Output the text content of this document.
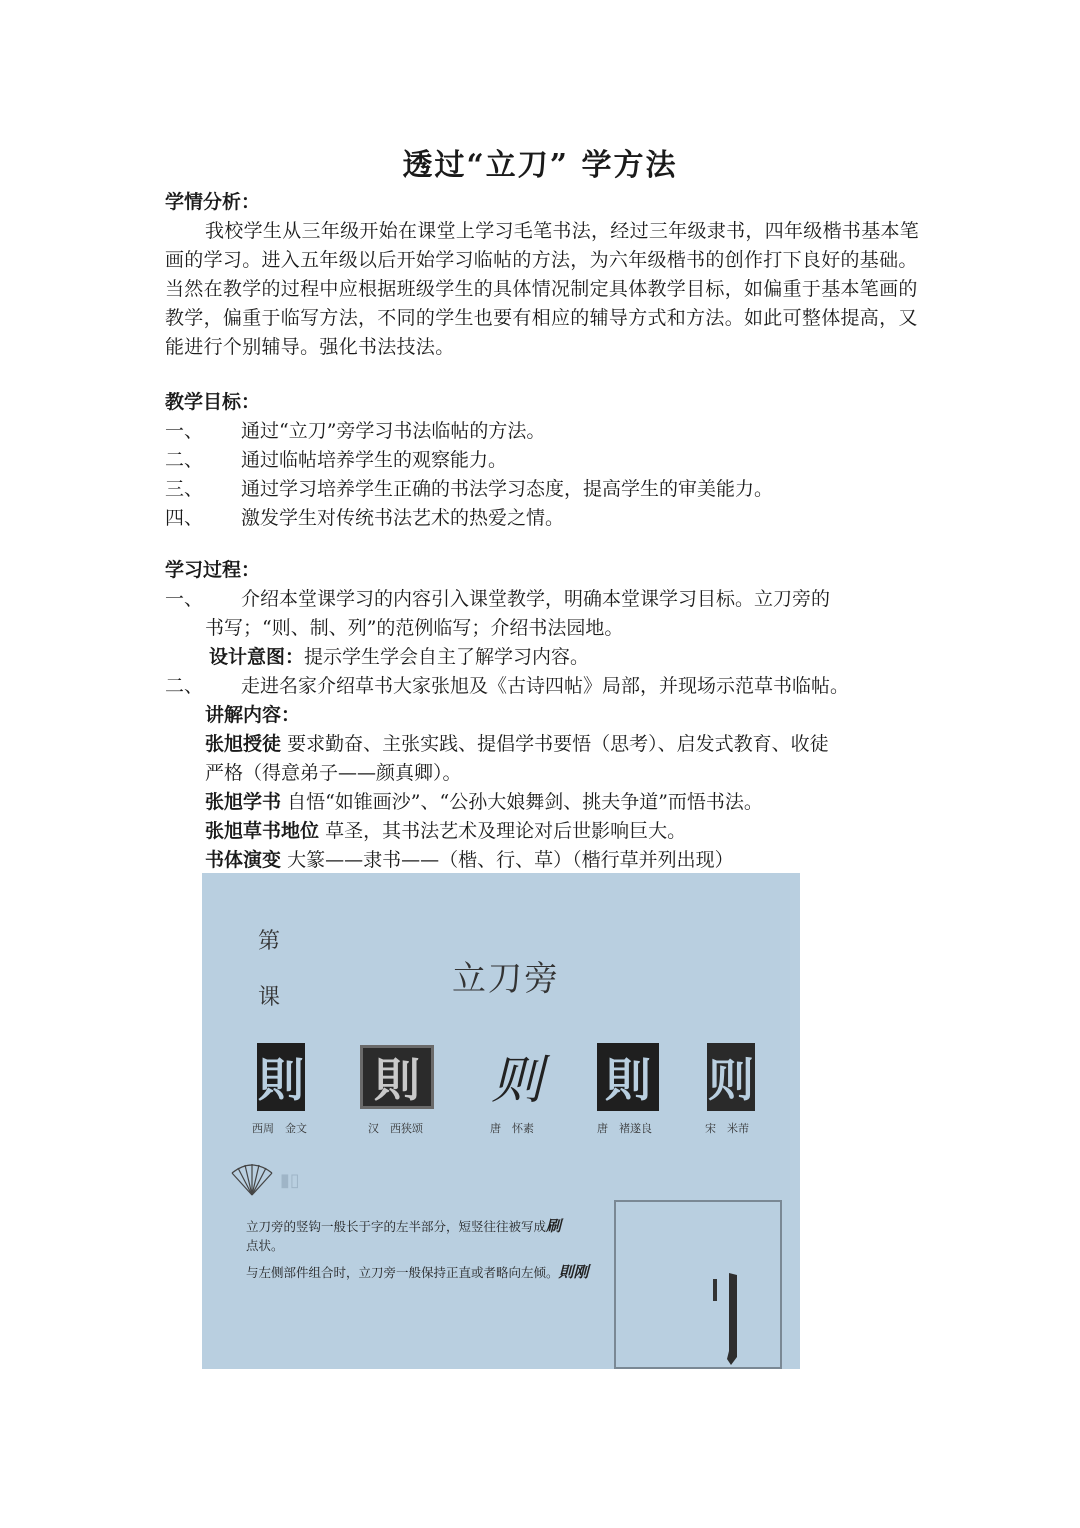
透过“立刀” 学方法
学情分析：
我校学生从三年级开始在课堂上学习毛笔书法，经过三年级隶书，四年级楷书基本笔画的学习。进入五年级以后开始学习临帖的方法，为六年级楷书的创作打下良好的基础。当然在教学的过程中应根据班级学生的具体情况制定具体教学目标，如偏重于基本笔画的教学，偏重于临写方法，不同的学生也要有相应的辅导方式和方法。如此可整体提高，又能进行个别辅导。强化书法技法。
教学目标：
一、	通过“立刀”旁学习书法临帖的方法。
二、	通过临帖培养学生的观察能力。
三、	通过学习培养学生正确的书法学习态度，提高学生的审美能力。
四、	激发学生对传统书法艺术的热爱之情。
学习过程：
一、	介绍本堂课学习的内容引入课堂教学，明确本堂课学习目标。立刀旁的
书写；“则、制、列”的范例临写；介绍书法园地。
设计意图：提示学生学会自主了解学习内容。
二、	走进名家介绍草书大家张旭及《古诗四帖》局部，并现场示范草书临帖。
讲解内容：
张旭授徒 要求勤奋、主张实践、提倡学书要悟（思考）、启发式教育、收徒
严格（得意弟子——颜真卿）。
张旭学书 自悟“如锥画沙”、“公孙大娘舞剑、挑夫争道”而悟书法。
张旭草书地位 草圣，其书法艺术及理论对后世影响巨大。
书体演变 大篆——隶书——（楷、行、草）（楷行草并列出现）
第
课	立刀旁
則	則 则 則 则
西周　金文	汉　西狭颂	唐　怀素	唐　褚遂良	宋　米芾
▮▯
立刀旁的竖钩一般长于字的左半部分，短竖往往被写成刷
点状。
与左侧部件组合时，立刀旁一般保持正直或者略向左倾。則刚
